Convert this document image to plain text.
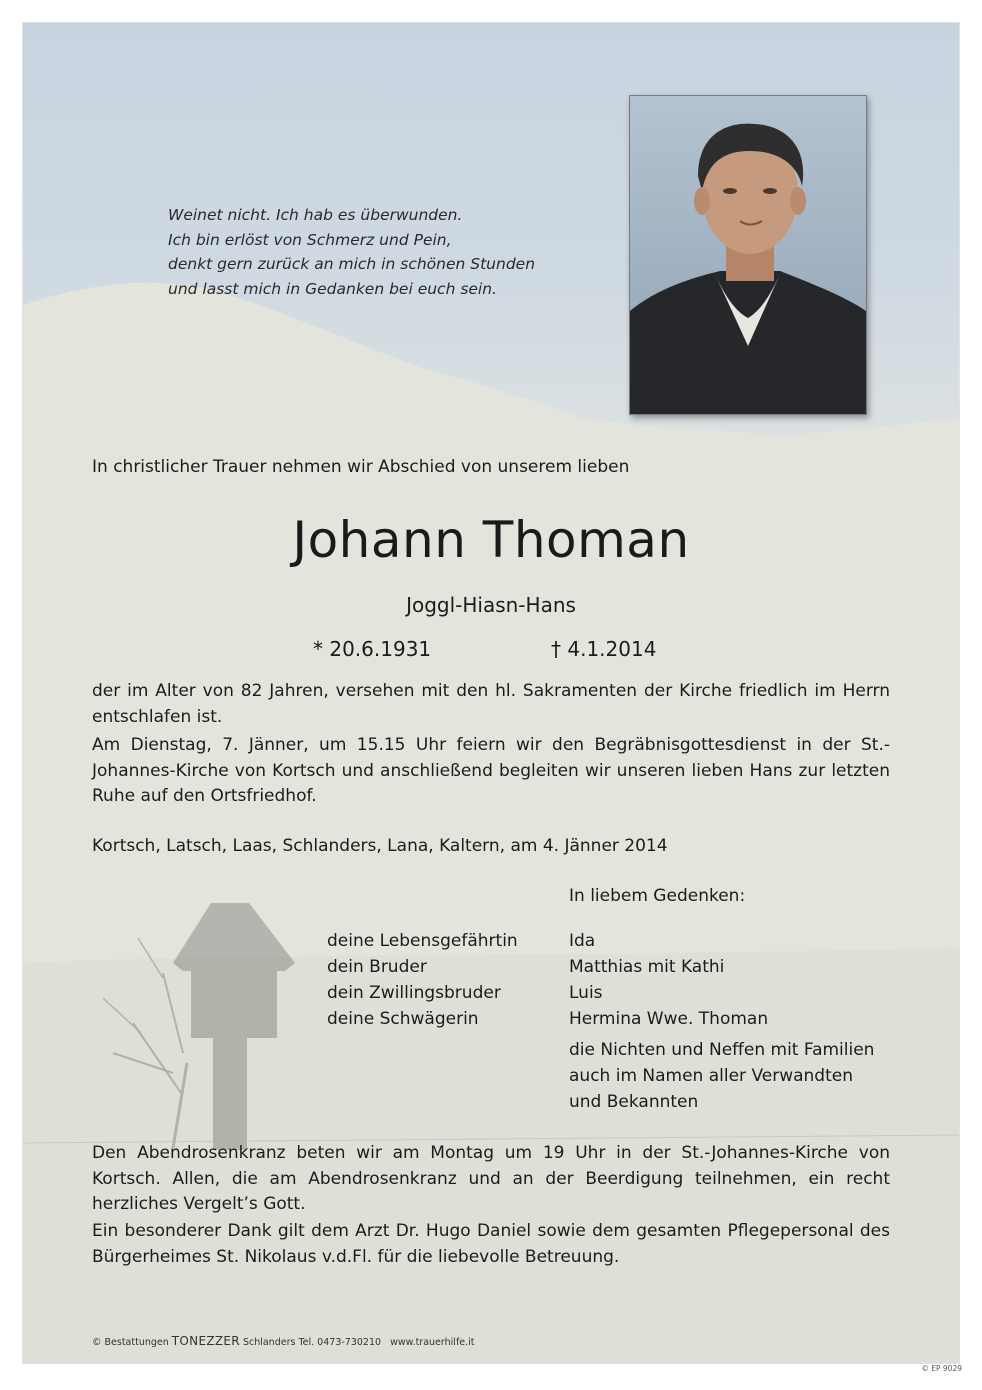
Weinet nicht. Ich hab es überwunden.
Ich bin erlöst von Schmerz und Pein,
denkt gern zurück an mich in schönen Stunden
und lasst mich in Gedanken bei euch sein.
In christlicher Trauer nehmen wir Abschied von unserem lieben
Johann Thoman
Joggl-Hiasn-Hans
* 20.6.1931	† 4.1.2014
der im Alter von 82 Jahren, versehen mit den hl. Sakramenten der Kirche friedlich im Herrn entschlafen ist.
Am Dienstag, 7. Jänner, um 15.15 Uhr feiern wir den Begräbnisgottesdienst in der St.-Johannes-Kirche von Kortsch und anschließend begleiten wir unseren lieben Hans zur letzten Ruhe auf den Ortsfriedhof.
Kortsch, Latsch, Laas, Schlanders, Lana, Kaltern, am 4. Jänner 2014
In liebem Gedenken:
deine Lebensgefährtin
dein Bruder
dein Zwillingsbruder
deine Schwägerin
Ida
Matthias mit Kathi
Luis
Hermina Wwe. Thoman
die Nichten und Neffen mit Familien
auch im Namen aller Verwandten
und Bekannten
Den Abendrosenkranz beten wir am Montag um 19 Uhr in der St.-Johannes-Kirche von Kortsch. Allen, die am Abendrosenkranz und an der Beerdigung teilnehmen, ein recht herzliches Vergelt’s Gott.
Ein besonderer Dank gilt dem Arzt Dr. Hugo Daniel sowie dem gesamten Pflegepersonal des Bürgerheimes St. Nikolaus v.d.Fl. für die liebevolle Betreuung.
© Bestattungen TONEZZER Schlanders Tel. 0473-730210 www.trauerhilfe.it
© EP 9029
